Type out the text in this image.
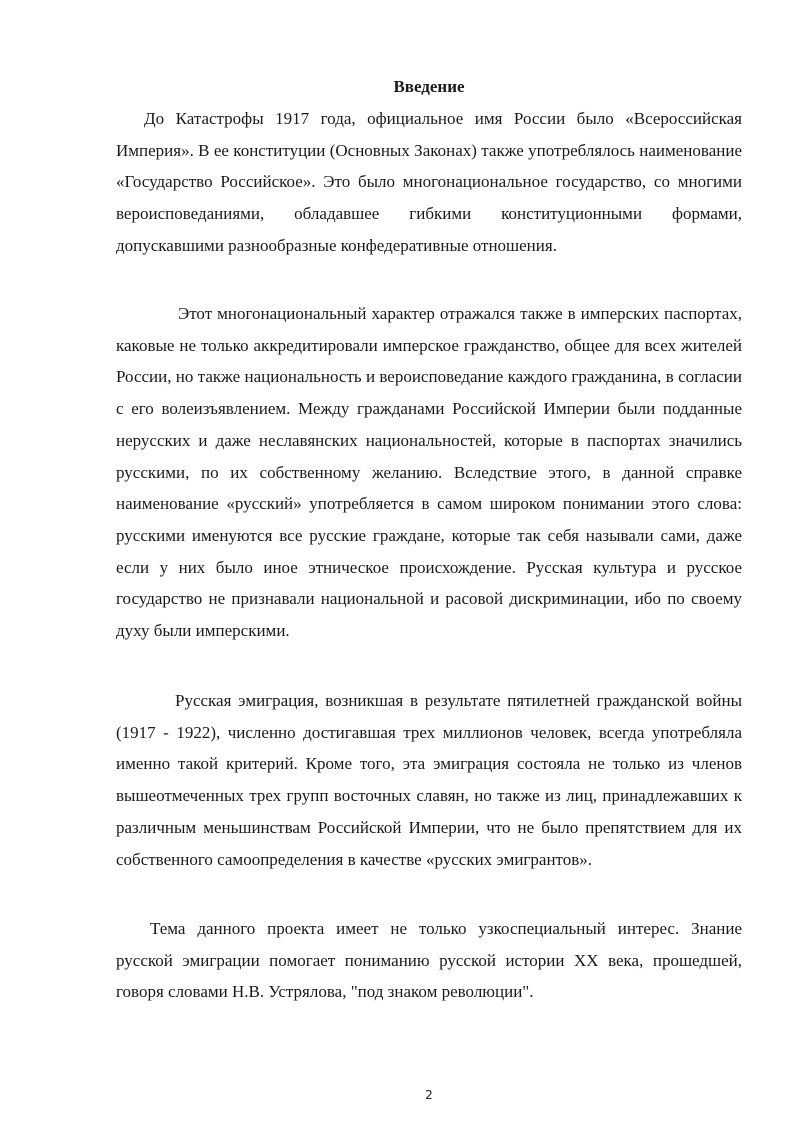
Введение

До Катастрофы 1917 года, официальное имя России было «Всероссийская Империя». В ее конституции (Основных Законах) также употреблялось наименование «Государство Российское». Это было многонациональное государство, со многими вероисповеданиями, обладавшее гибкими конституционными формами, допускавшими разнообразные конфедеративные отношения.

Этот многонациональный характер отражался также в имперских паспортах, каковые не только аккредитировали имперское гражданство, общее для всех жителей России, но также национальность и вероисповедание каждого гражданина, в согласии с его волеизъявлением. Между гражданами Российской Империи были подданные нерусских и даже неславянских национальностей, которые в паспортах значились русскими, по их собственному желанию. Вследствие этого, в данной справке наименование «русский» употребляется в самом широком понимании этого слова: русскими именуются все русские граждане, которые так себя называли сами, даже если у них было иное этническое происхождение. Русская культура и русское государство не признавали национальной и расовой дискриминации, ибо по своему духу были имперскими.

Русская эмиграция, возникшая в результате пятилетней гражданской войны (1917 - 1922), численно достигавшая трех миллионов человек, всегда употребляла именно такой критерий. Кроме того, эта эмиграция состояла не только из членов вышеотмеченных трех групп восточных славян, но также из лиц, принадлежавших к различным меньшинствам Российской Империи, что не было препятствием для их собственного самоопределения в качестве «русских эмигрантов».

Тема данного проекта имеет не только узкоспециальный интерес. Знание русской эмиграции помогает пониманию русской истории XX века, прошедшей, говоря словами Н.В. Устрялова, "под знаком революции".

2
